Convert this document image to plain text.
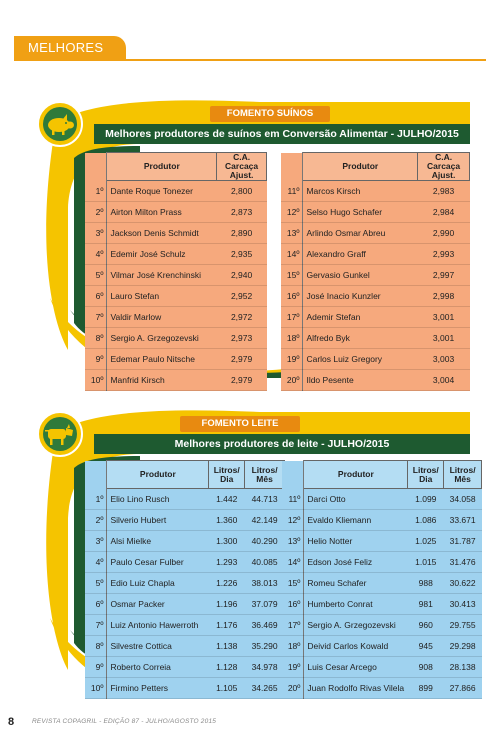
MELHORES
FOMENTO SUÍNOS
Melhores produtores de suínos em Conversão Alimentar - JULHO/2015
	Produtor	C.A. Carcaça Ajust.
1º	Dante Roque Tonezer	2,800
2º	Airton Milton Prass	2,873
3º	Jackson Denis Schmidt	2,890
4º	Edemir José Schulz	2,935
5º	Vilmar José Krenchinski	2,940
6º	Lauro Stefan	2,952
7º	Valdir Marlow	2,972
8º	Sergio A. Grzegozevski	2,973
9º	Edemar Paulo Nitsche	2,979
10º	Manfrid Kirsch	2,979
	Produtor	C.A. Carcaça Ajust.
11º	Marcos Kirsch	2,983
12º	Selso Hugo Schafer	2,984
13º	Arlindo Osmar Abreu	2,990
14º	Alexandro Graff	2,993
15º	Gervasio Gunkel	2,997
16º	José Inacio Kunzler	2,998
17º	Ademir Stefan	3,001
18º	Alfredo Byk	3,001
19º	Carlos Luiz Gregory	3,003
20º	Ildo Pesente	3,004
FOMENTO LEITE
Melhores produtores de leite - JULHO/2015
	Produtor	Litros/ Dia	Litros/ Mês
1º	Elio Lino Rusch	1.442	44.713
2º	Silverio Hubert	1.360	42.149
3º	Alsi Mielke	1.300	40.290
4º	Paulo Cesar Fulber	1.293	40.085
5º	Edio Luiz Chapla	1.226	38.013
6º	Osmar Packer	1.196	37.079
7º	Luiz Antonio Hawerroth	1.176	36.469
8º	Silvestre Cottica	1.138	35.290
9º	Roberto Correia	1.128	34.978
10º	Firmino Petters	1.105	34.265
	Produtor	Litros/ Dia	Litros/ Mês
11º	Darci Otto	1.099	34.058
12º	Evaldo Kliemann	1.086	33.671
13º	Helio Notter	1.025	31.787
14º	Edson José Feliz	1.015	31.476
15º	Romeu Schafer	988	30.622
16º	Humberto Conrat	981	30.413
17º	Sergio A. Grzegozevski	960	29.755
18º	Deivid Carlos Kowald	945	29.298
19º	Luis Cesar Arcego	908	28.138
20º	Juan Rodolfo Rivas Vilela	899	27.866
8	REVISTA COPAGRIL - EDIÇÃO 87 - JULHO/AGOSTO 2015
